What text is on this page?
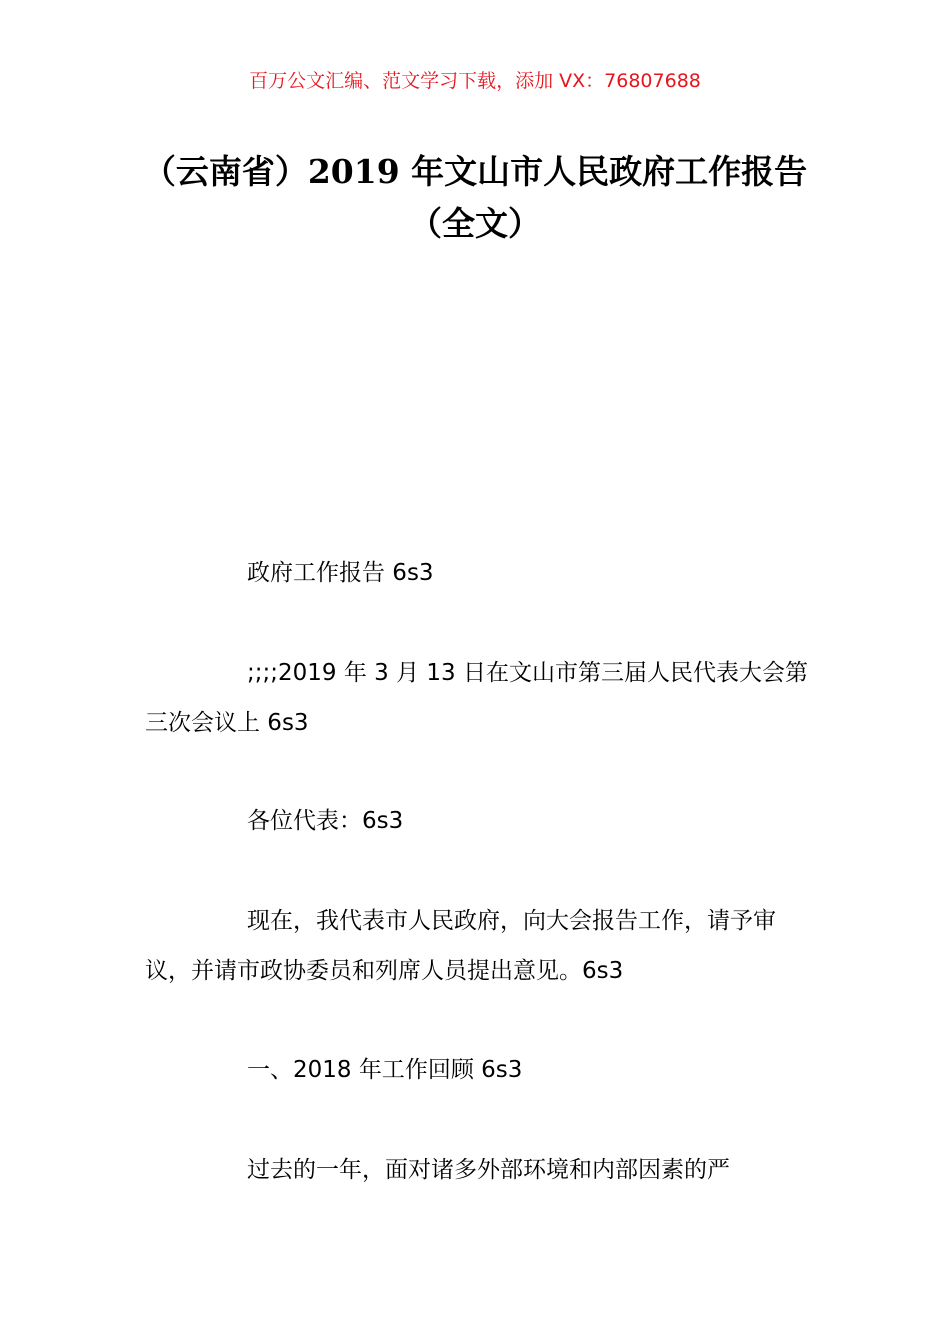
百万公文汇编、范文学习下载，添加 VX：76807688
（云南省）2019 年文山市人民政府工作报告（全文）
政府工作报告 6s3
;;;;2019 年 3 月 13 日在文山市第三届人民代表大会第三次会议上 6s3
各位代表：6s3
现在，我代表市人民政府，向大会报告工作，请予审议，并请市政协委员和列席人员提出意见。6s3
一、2018 年工作回顾 6s3
过去的一年，面对诸多外部环境和内部因素的严
